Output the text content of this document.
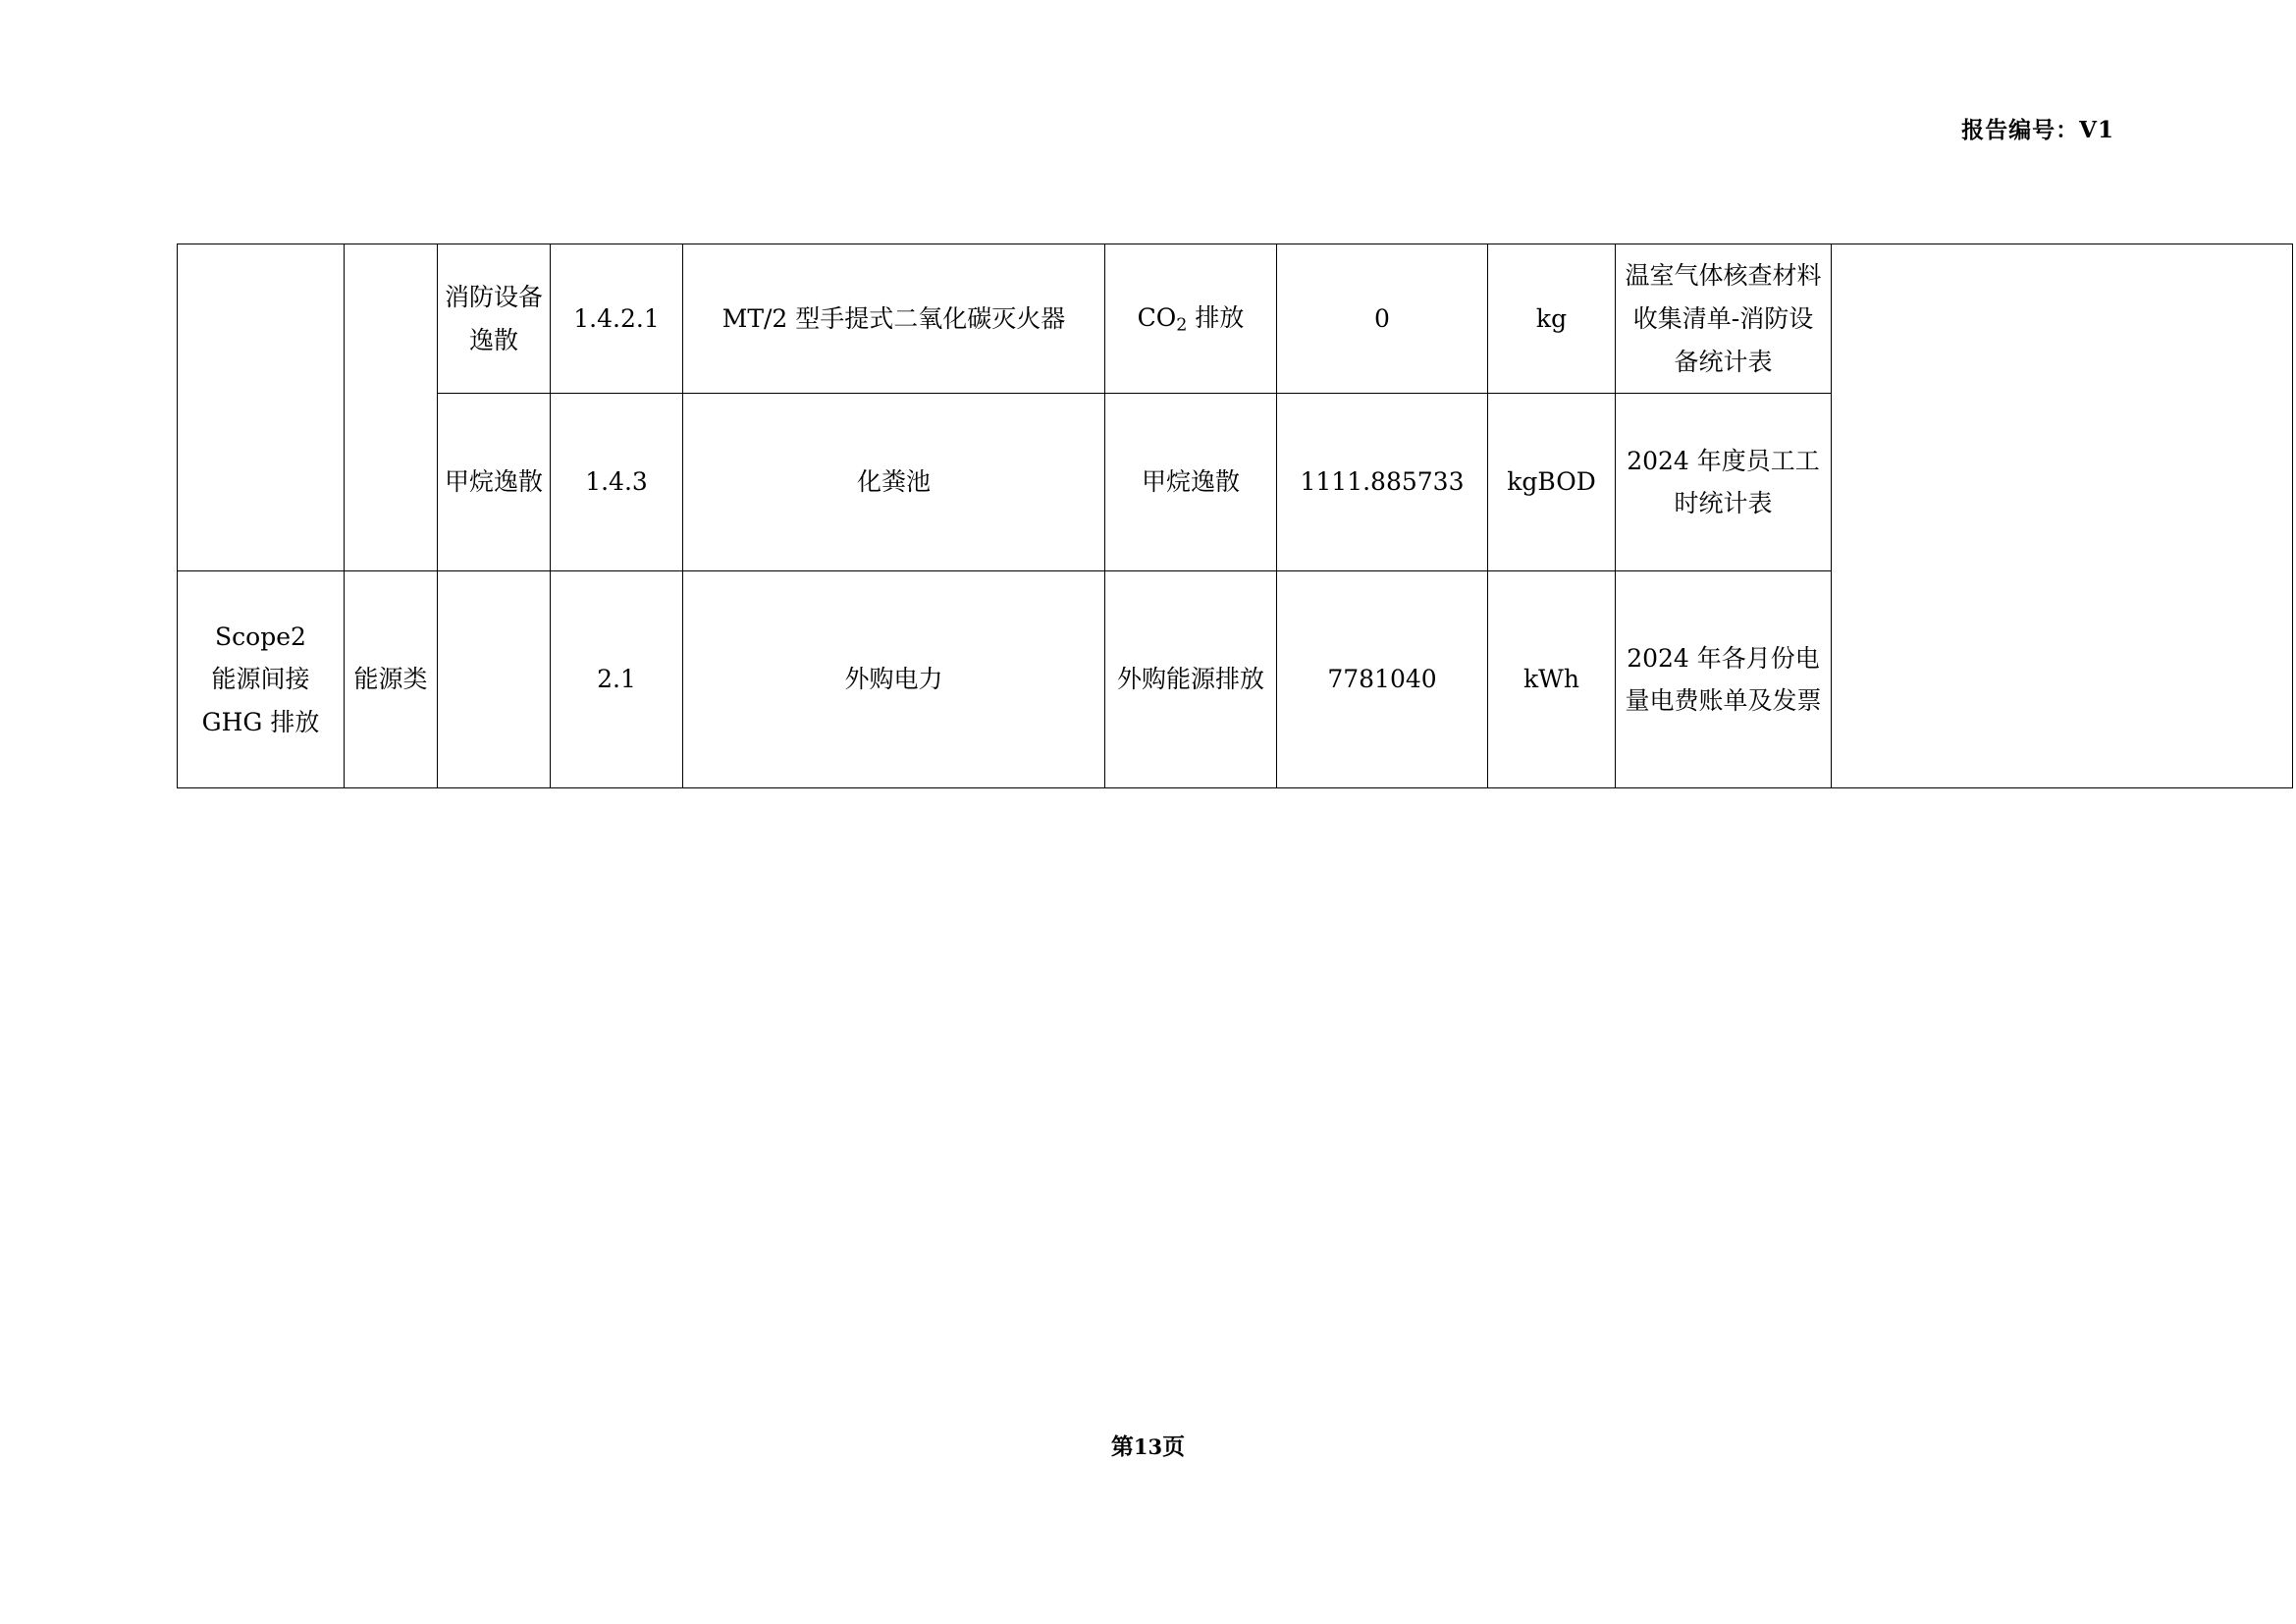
报告编号：V1
		消防设备逸散	1.4.2.1	MT/2 型手提式二氧化碳灭火器	$CO_2$ 排放	0	kg	温室气体核查材料收集清单-消防设备统计表	
		甲烷逸散	1.4.3	化粪池	甲烷逸散	1111.885733	kgBOD	2024 年度员工工时统计表	

Scope2
能源间接
GHG 排放	能源类		2.1	外购电力	外购能源排放	7781040	kWh	2024 年各月份电量电费账单及发票	
第13页
